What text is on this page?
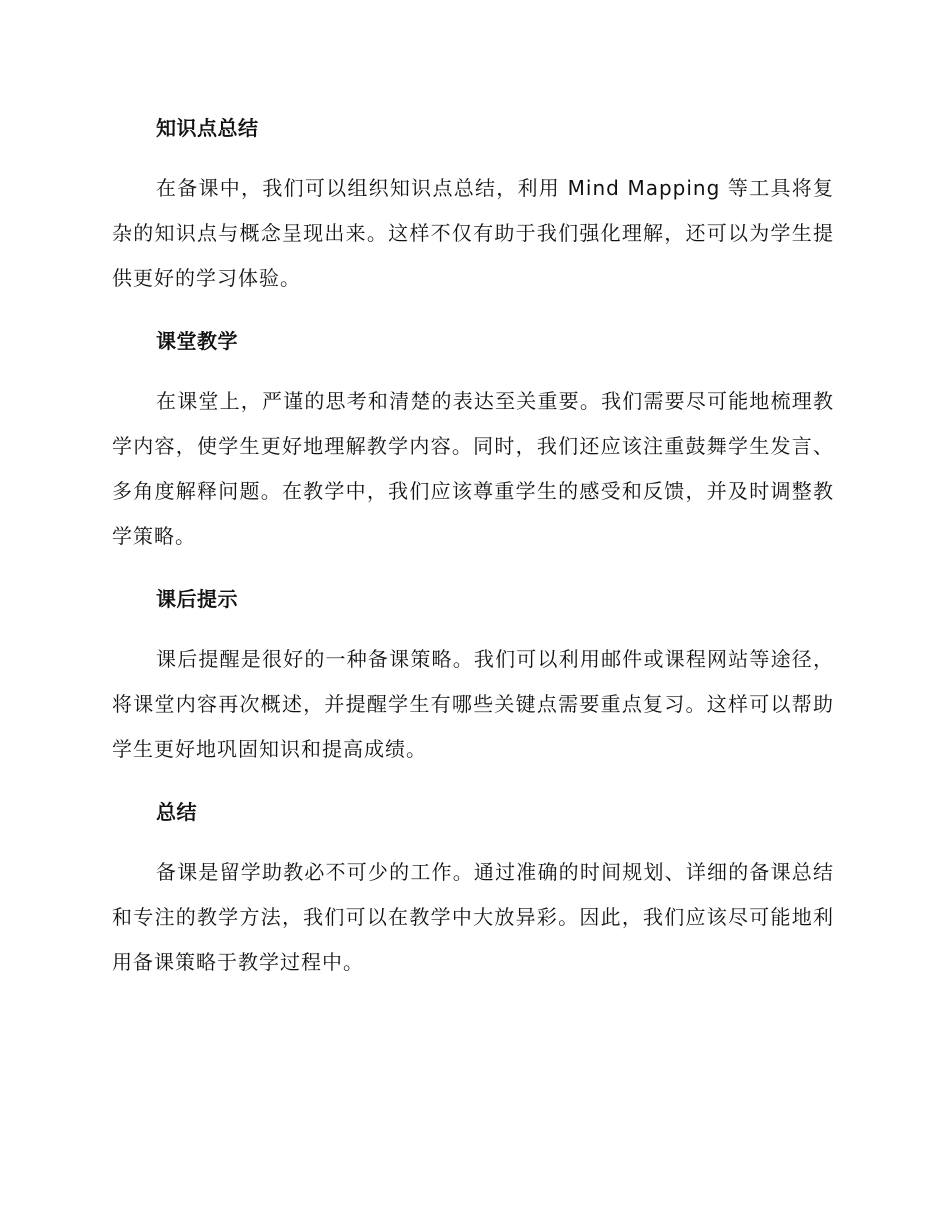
知识点总结

在备课中，我们可以组织知识点总结，利用 Mind Mapping 等工具将复杂的知识点与概念呈现出来。这样不仅有助于我们强化理解，还可以为学生提供更好的学习体验。

课堂教学

在课堂上，严谨的思考和清楚的表达至关重要。我们需要尽可能地梳理教学内容，使学生更好地理解教学内容。同时，我们还应该注重鼓舞学生发言、多角度解释问题。在教学中，我们应该尊重学生的感受和反馈，并及时调整教学策略。

课后提示

课后提醒是很好的一种备课策略。我们可以利用邮件或课程网站等途径，将课堂内容再次概述，并提醒学生有哪些关键点需要重点复习。这样可以帮助学生更好地巩固知识和提高成绩。

总结

备课是留学助教必不可少的工作。通过准确的时间规划、详细的备课总结和专注的教学方法，我们可以在教学中大放异彩。因此，我们应该尽可能地利用备课策略于教学过程中。
